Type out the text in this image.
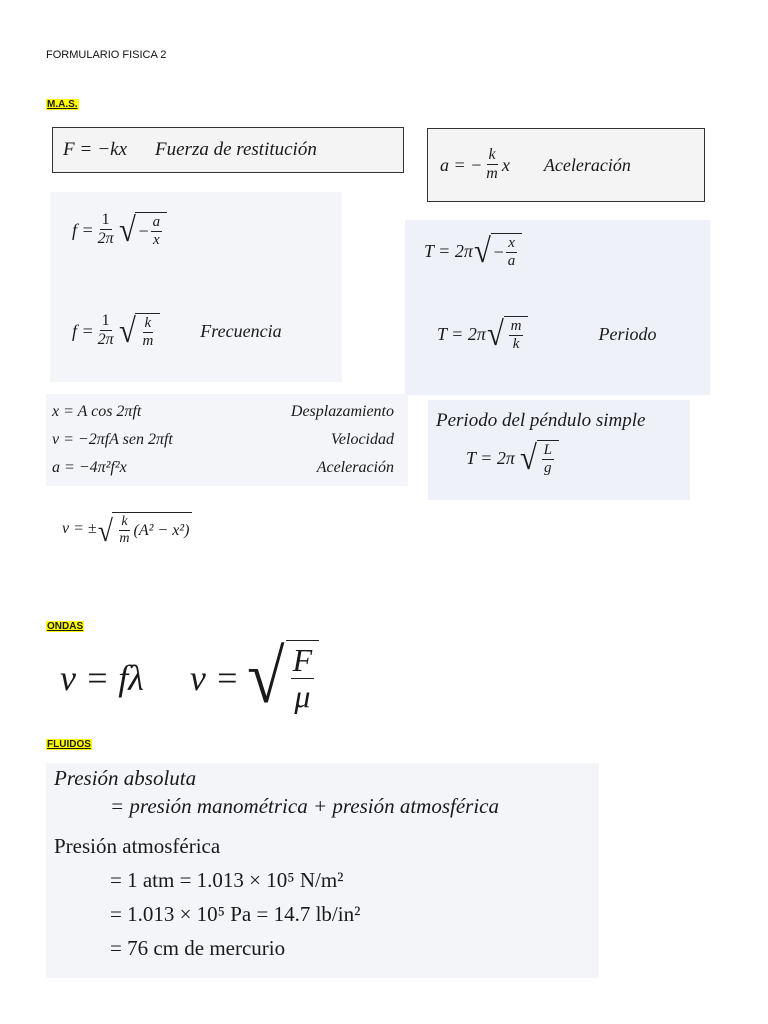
FORMULARIO FISICA 2
M.A.S.
F = −kx Fuerza de restitución
a = − $\frac{k}{m}$ x Aceleración
$f = \frac{1}{2\pi}$ √ − $\frac{a}{x}$
$f = \frac{1}{2\pi}$ √ $\frac{k}{m}$	Frecuencia
T = 2π √ − $\frac{x}{a}$
T = 2π √ $\frac{m}{k}$	Periodo
x = A cos 2πft	Desplazamiento
v = −2πfA sen 2πft	Velocidad
a = −4π²f²x	Aceleración
Periodo del péndulo simple
T = 2π √ $\frac{L}{g}$
v = ± √ $\frac{k}{m} (A^2 - x^2)$
ONDAS
v = fλ v = √ $\frac{F}{\mu}$
FLUIDOS
Presión absoluta
= presión manométrica + presión atmosférica
Presión atmosférica
= 1 atm = 1.013 × 10⁵ N/m²
= 1.013 × 10⁵ Pa = 14.7 lb/in²
= 76 cm de mercurio
